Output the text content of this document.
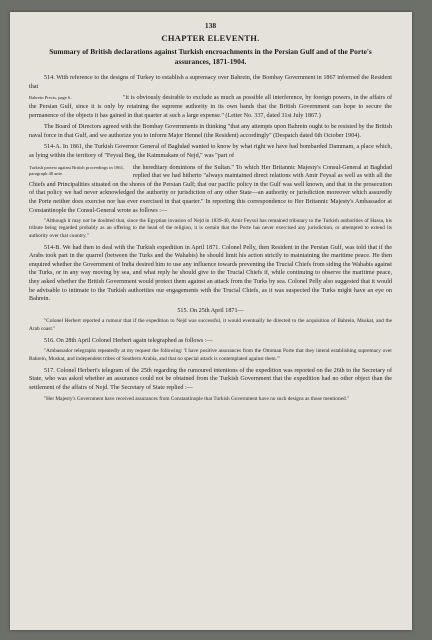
138
CHAPTER ELEVENTH.
Summary of British declarations against Turkish encroachments in the Persian Gulf and of the Porte's assurances, 1871-1904.

514. With reference to the designs of Turkey to establish a supremacy over Bahrein, the Bombay Government in 1867 informed the Resident that

Bahrein Precis, page 6.	"it is obviously desirable to exclude as much as possible all interference, by foreign powers, in the affairs of the Persian Gulf, since it is only by retaining the supreme authority in its own hands that the British Government can hope to secure the permanence of the objects it has gained in that quarter at such a large expense." (Letter No. 337, dated 31st July 1867.)

The Board of Directors agreed with the Bombay Governments in thinking "that any attempts upon Bahrein ought to be resisted by the British naval force in that Gulf, and we authorize you to inform Major Hennel (the Resident) accordingly" (Despatch dated 6th October 1904).

514-A. In 1861, the Turkish Governor General of Baghdad wanted to know by what right we have had bombarded Dammam, a place which, as lying within the territory of "Feysul Beg, the Kaimmakam of Nejd," was "part of

Turkish protest against British proceedings in 1861, paragraph 48 ante.
the hereditary dominions of the Sultan." To which Her Britannic Majesty's Consul-General at Baghdad replied that we had hitherto "always maintained direct relations with Amir Feysal as well as with all the Chiefs and Principalities situated on the shores of the Persian Gulf; that our pacific policy in the Gulf was well known, and that in the prosecution of that policy we had never acknowledged the authority or jurisdiction of any other State—an authority or jurisdiction moreover which assuredly the Porte neither does exercise nor has ever exercised in that quarter." In reporting this correspondence to Her Britannic Majesty's Ambassador at Constantinople the Consul-General wrote as follows :—

"Although it may not be doubted that, since the Egyptian invasion of Nejd in 1839-40, Amir Feysul has remained tributary to the Turkish authorities of Hassa, his tribute being regarded probably as an offering to the head of the religion, it is certain that the Porte has never exercised any jurisdiction, or attempted to extend its authority over that country."

514-B. We had then to deal with the Turkish expedition in April 1871. Colonel Pelly, then Resident in the Persian Gulf, was told that if the Arabs took part in the quarrel (between the Turks and the Wahabis) he should limit his action strictly to maintaining the maritime peace. He then enquired whether the Government of India desired him to use any influence towards preventing the Trucial Chiefs from siding the Wahabis against the Turks, or in any way moving by sea, and what reply he should give to the Trucial Chiefs if, while continuing to observe the maritime peace, they asked whether the British Government would protect them against an attack from the Turks by sea. Colonel Pelly also suggested that it would be advisable to intimate to the Turkish authorities our engagements with the Trucial Chiefs, as it was suspected the Turks might have an eye on Bahrein.

515. On 25th April 1871—

"Colonel Herbert reported a rumour that if the expedition to Nejd was successful, it would eventually be directed to the acquisition of Bahrein, Muskat, and the Arab coast."

516. On 28th April Colonel Herbert again telegraphed as follows :—

"Ambassador telegraphs repeatedly at my request the following: 'I have positive assurances from the Ottoman Porte that they intend establishing supremacy over Bahrein, Muskat, and independent tribes of Southern Arabia, and that no special attack is contemplated against them.'"

517. Colonel Herbert's telegram of the 25th regarding the rumoured intentions of the expedition was reported on the 26th to the Secretary of State, who was asked whether an assurance could not be obtained from the Turkish Government that the expedition had no other object than the settlement of the affairs of Nejd. The Secretary of State replied :—

"Her Majesty's Government have received assurances from Constantinople that Turkish Government have no such designs as those mentioned."
